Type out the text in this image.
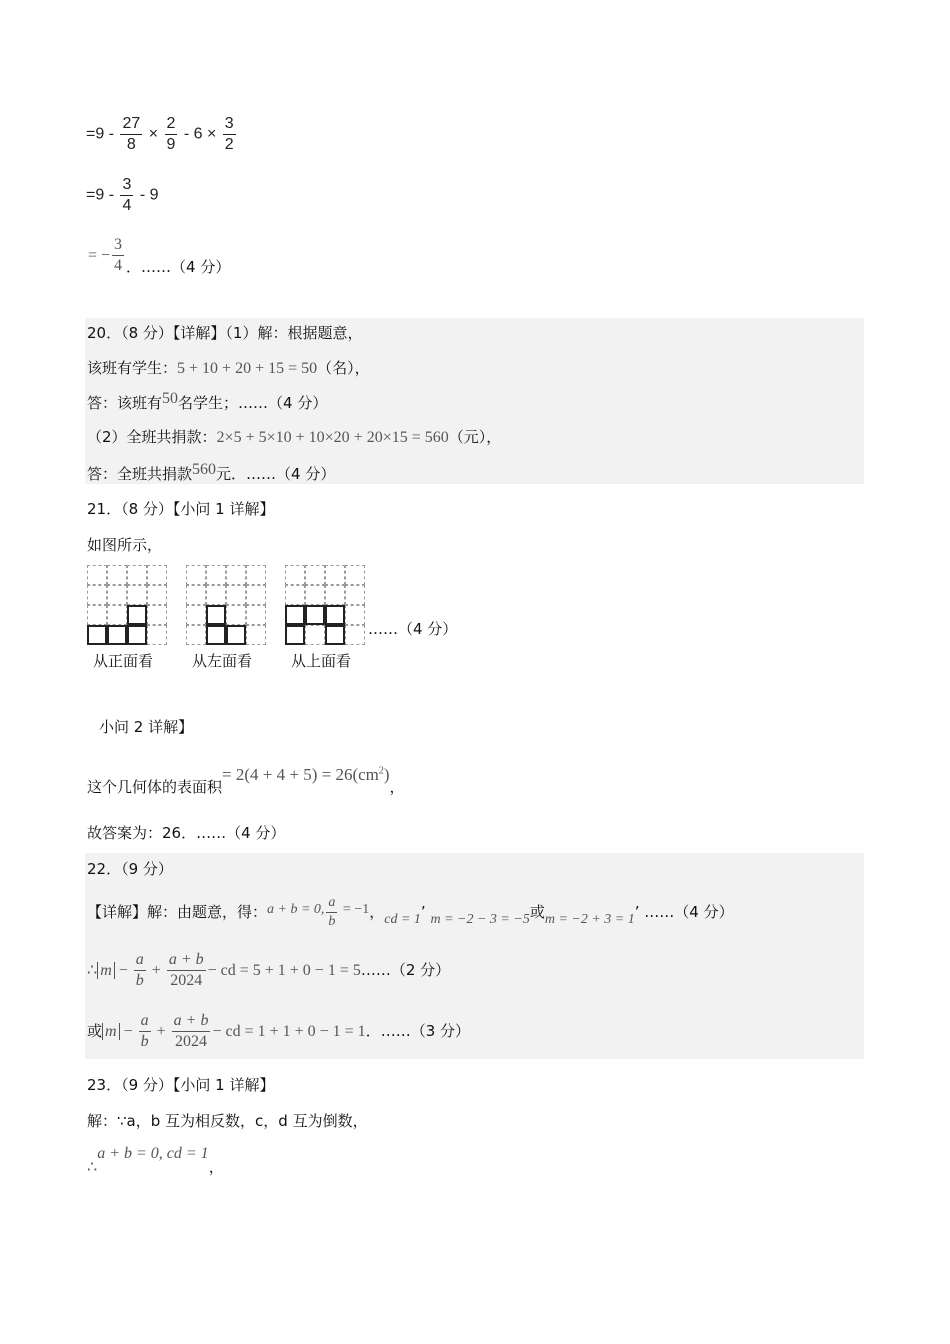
$=9 - \frac{27}{8} \times \frac{2}{9} - 6 \times \frac{3}{2}$
$=9 - \frac{3}{4} - 9$
= − $\frac{3}{4}$ ．……（4 分）
20．（8 分）【详解】（1）解：根据题意，
该班有学生：5 + 10 + 20 + 15 = 50（名），
答：该班有50名学生；……（4 分）
（2）全班共捐款：2×5 + 5×10 + 10×20 + 20×15 = 560（元），
答：全班共捐款560元．……（4 分）
21．（8 分）【小问 1 详解】
如图所示，
从正面看	从左面看	从上面看
……（4 分）
小问 2 详解】
这个几何体的表面积= $2(4 + 4 + 5) = 26(cm^2)$，
故答案为：26．……（4 分）
22．（9 分）
【详解】解：由题意，得：a + b = 0, $\frac{a}{b} = -1$，cd = 1’ m = −2 − 3 = −5或m = −2 + 3 = 1’ ……（4 分）
∴ $m - \frac{a}{b} + \frac{a + b}{2024}$ − cd = 5 + 1 + 0 − 1 = 5……（2 分）
或 $m - \frac{a}{b} + \frac{a + b}{2024}$ − cd = 1 + 1 + 0 − 1 = 1．……（3 分）
23．（9 分）【小问 1 详解】
解：∵a，b 互为相反数，c，d 互为倒数，
∴a + b = 0, cd = 1，
